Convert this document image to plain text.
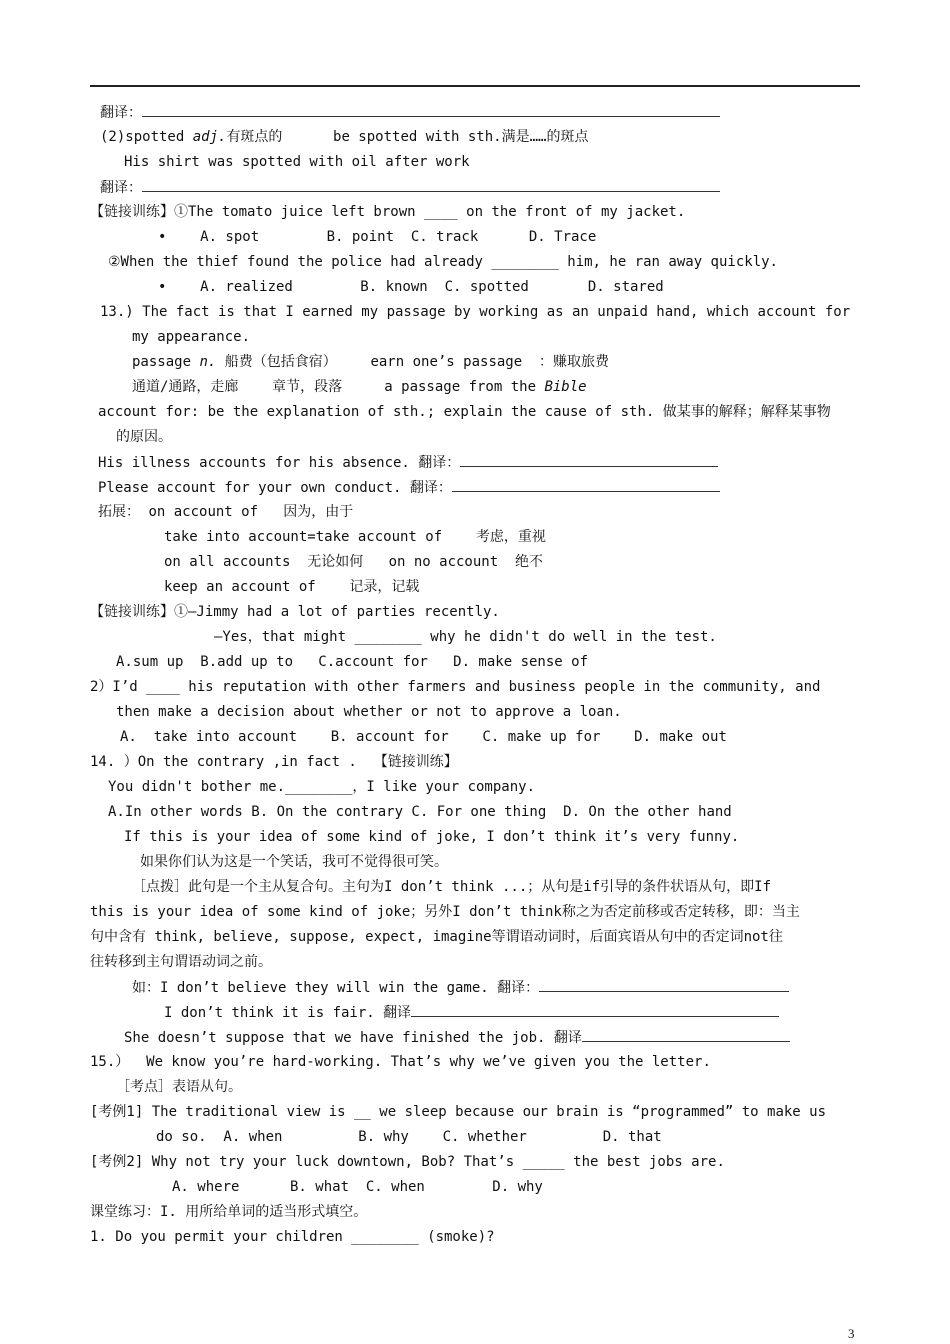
翻译：
(2)spotted adj.有斑点的      be spotted with sth.满是……的斑点
His shirt was spotted with oil after work
翻译：
【链接训练】①The tomato juice left brown ____ on the front of my jacket.
•    A. spot        B. point  C. track      D. Trace
②When the thief found the police had already ________ him, he ran away quickly.
•    A. realized        B. known  C. spotted       D. stared
13.) The fact is that I earned my passage by working as an unpaid hand, which account for
my appearance.
passage n. 船费（包括食宿）    earn one’s passage  ：赚取旅费
通道/通路，走廊    章节，段落     a passage from the Bible
account for: be the explanation of sth.; explain the cause of sth. 做某事的解释；解释某事物
的原因。
His illness accounts for his absence. 翻译：
Please account for your own conduct. 翻译：
拓展： on account of   因为，由于
take into account=take account of    考虑，重视
on all accounts  无论如何   on no account  绝不
keep an account of    记录，记载
【链接训练】①—Jimmy had a lot of parties recently.
—Yes，that might ________ why he didn't do well in the test.
A.sum up  B.add up to   C.account for   D. make sense of
2）I’d ____ his reputation with other farmers and business people in the community, and
then make a decision about whether or not to approve a loan.
A.  take into account    B. account for    C. make up for    D. make out
14. ）On the contrary ,in fact .  【链接训练】
You didn't bother me.________，I like your company.
A.In other words B. On the contrary C. For one thing  D. On the other hand
If this is your idea of some kind of joke, I don’t think it’s very funny.
如果你们认为这是一个笑话，我可不觉得很可笑。
［点拨］此句是一个主从复合句。主句为I don’t think ...；从句是if引导的条件状语从句，即If
this is your idea of some kind of joke；另外I don’t think称之为否定前移或否定转移，即：当主
句中含有 think, believe, suppose, expect, imagine等谓语动词时，后面宾语从句中的否定词not往
往转移到主句谓语动词之前。
如：I don’t believe they will win the game. 翻译：
I don’t think it is fair. 翻译
She doesn’t suppose that we have finished the job. 翻译
15.）  We know you’re hard-working. That’s why we’ve given you the letter.
［考点］表语从句。
[考例1] The traditional view is __ we sleep because our brain is “programmed” to make us
do so.  A. when         B. why    C. whether         D. that
[考例2] Why not try your luck downtown, Bob? That’s _____ the best jobs are.
A. where      B. what  C. when        D. why
课堂练习：I. 用所给单词的适当形式填空。
1. Do you permit your children ________ (smoke)?
3
